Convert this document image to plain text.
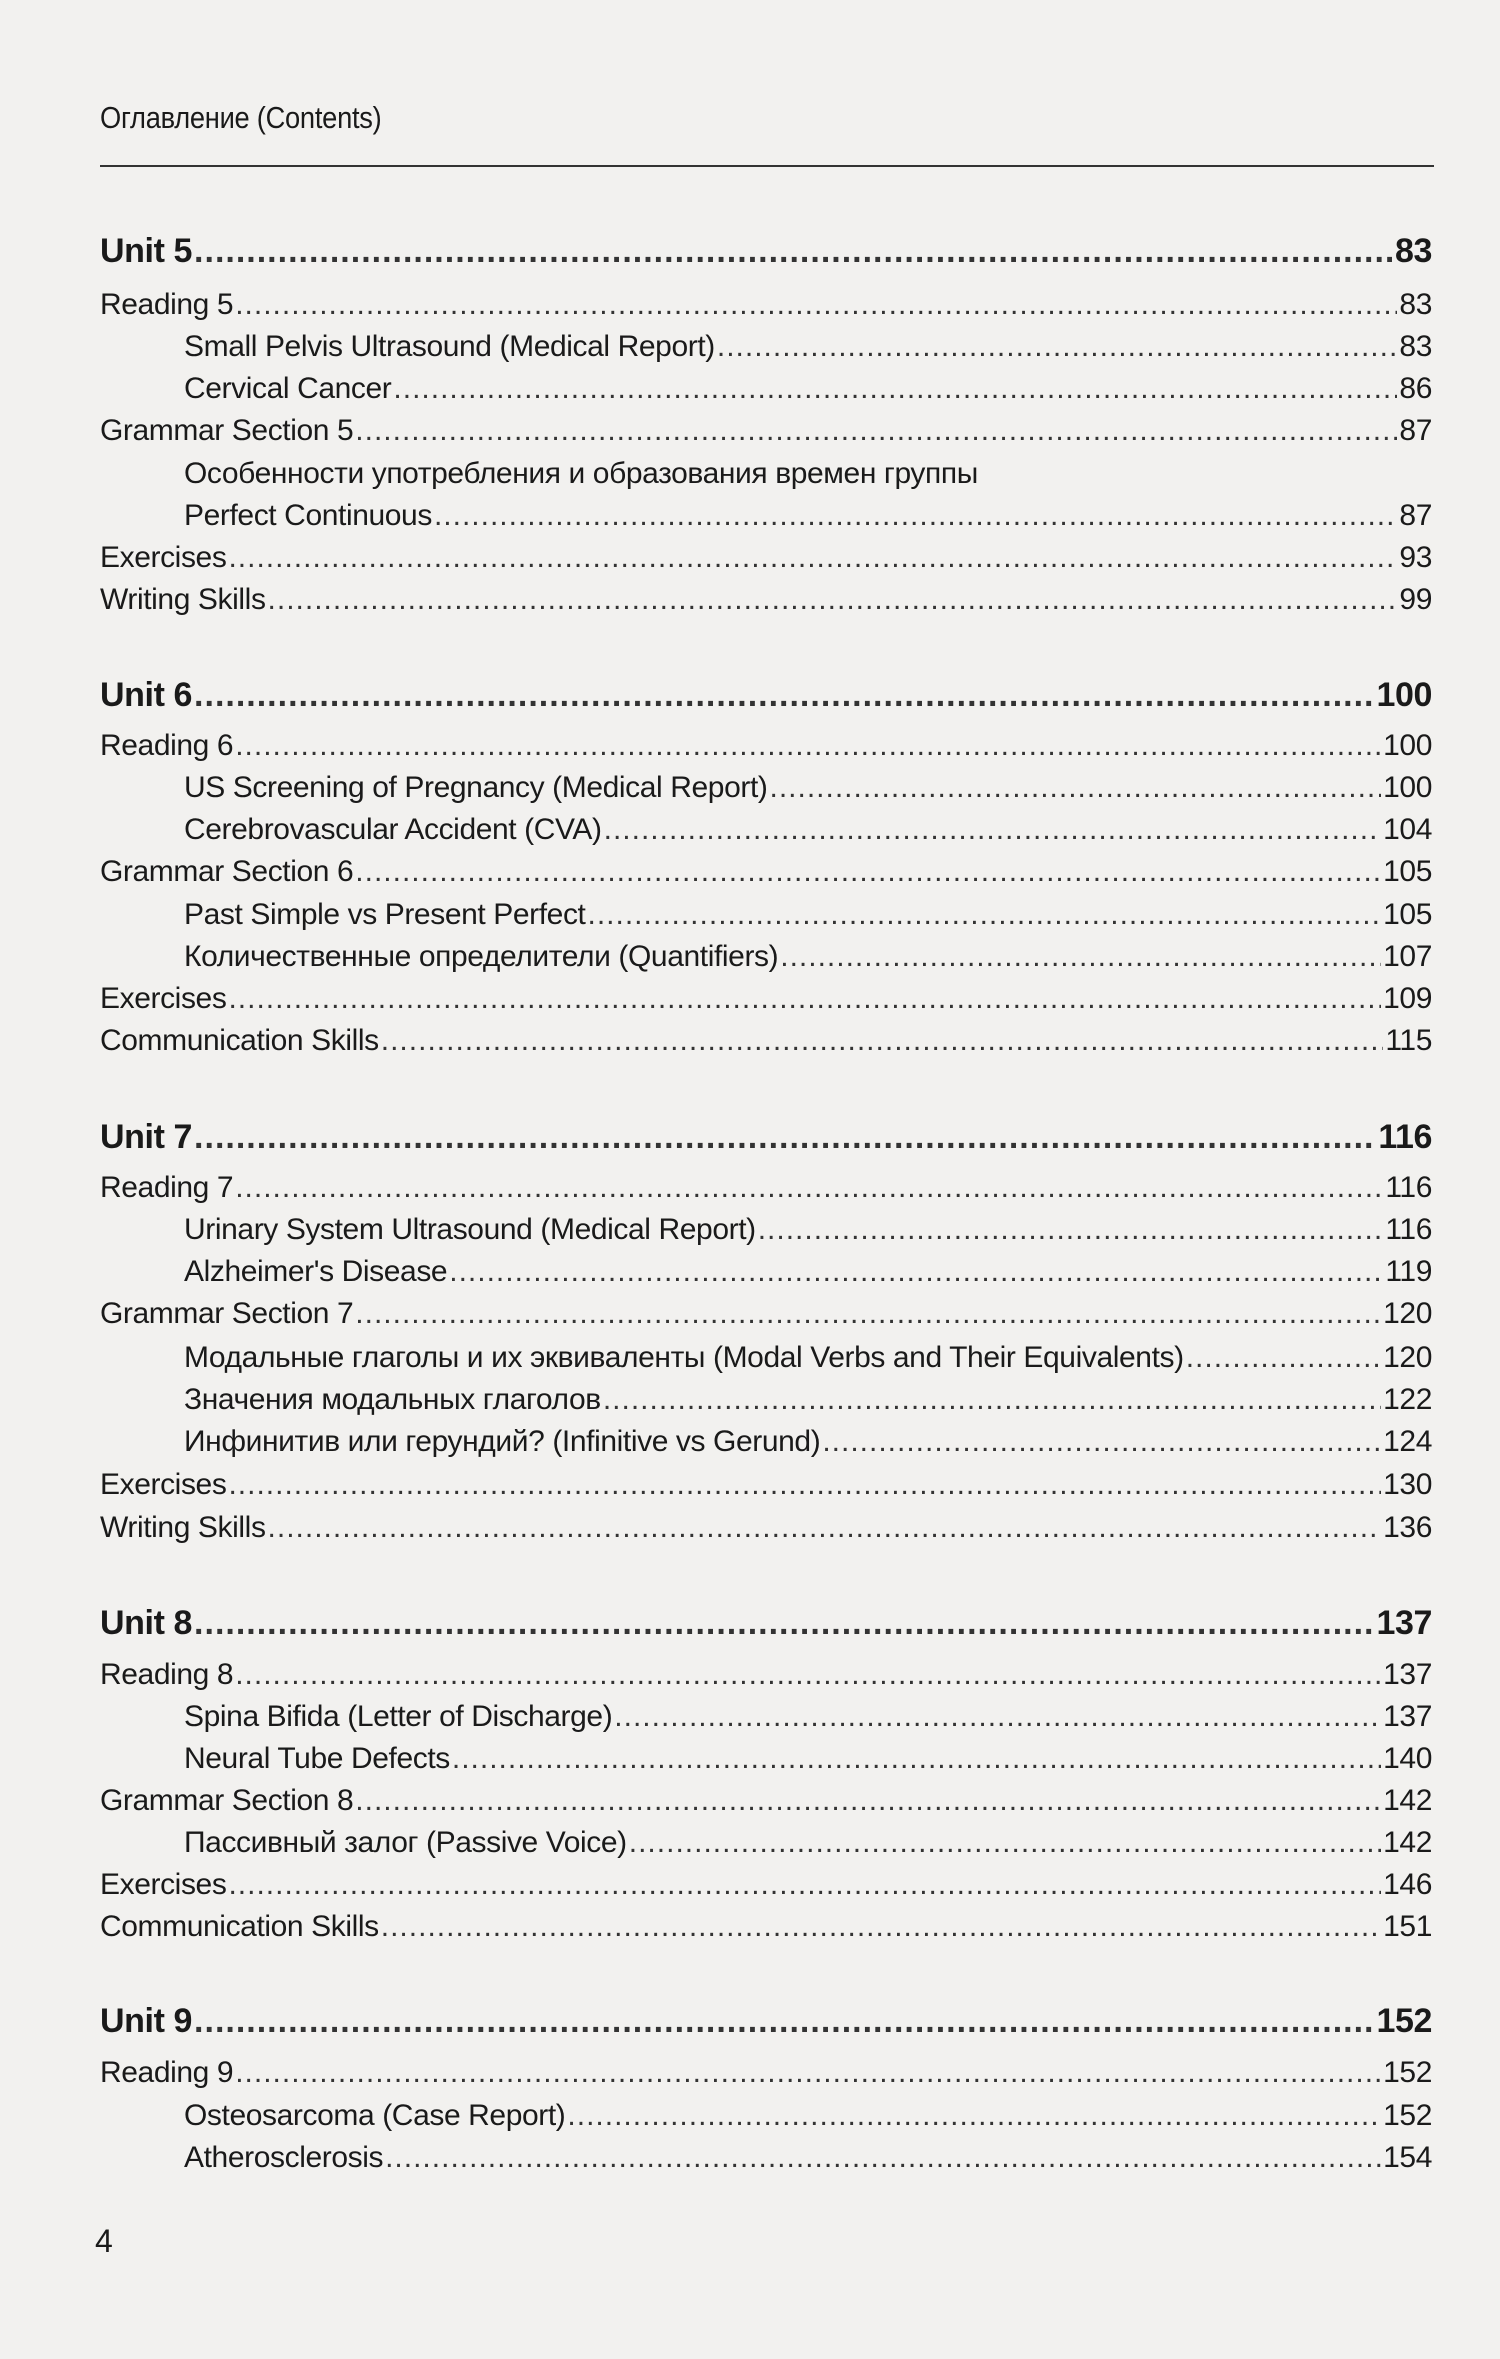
Оглавление (Contents)
Unit 5 .....	83
Reading 5 .....	83
Small Pelvis Ultrasound (Medical Report) .....	83
Cervical Cancer .....	86
Grammar Section 5 .....	87
Особенности употребления и образования времен группы
Perfect Continuous .....	87
Exercises .....	93
Writing Skills .....	99
Unit 6 .....	100
Reading 6 .....	100
US Screening of Pregnancy (Medical Report) .....	100
Cerebrovascular Accident (CVA) .....	104
Grammar Section 6 .....	105
Past Simple vs Present Perfect .....	105
Количественные определители (Quantifiers) .....	107
Exercises .....	109
Communication Skills .....	115
Unit 7 .....	116
Reading 7 .....	116
Urinary System Ultrasound (Medical Report) .....	116
Alzheimer's Disease .....	119
Grammar Section 7 .....	120
Модальные глаголы и их эквиваленты (Modal Verbs and Their Equivalents) .....	120
Значения модальных глаголов .....	122
Инфинитив или герундий? (Infinitive vs Gerund) .....	124
Exercises .....	130
Writing Skills .....	136
Unit 8 .....	137
Reading 8 .....	137
Spina Bifida (Letter of Discharge) .....	137
Neural Tube Defects .....	140
Grammar Section 8 .....	142
Пассивный залог (Passive Voice) .....	142
Exercises .....	146
Communication Skills .....	151
Unit 9 .....	152
Reading 9 .....	152
Osteosarcoma (Case Report) .....	152
Atherosclerosis .....	154
4
